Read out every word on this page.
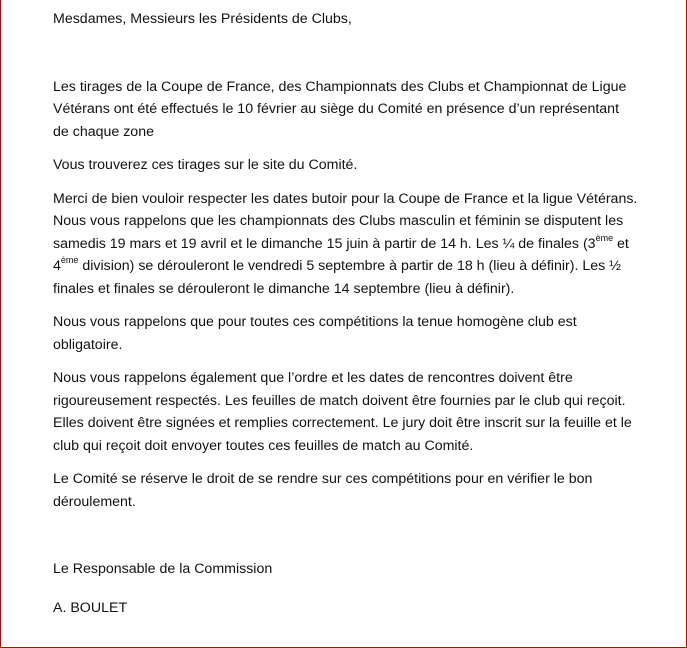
Mesdames, Messieurs les Présidents de Clubs,

Les tirages de la Coupe de France, des Championnats des Clubs et Championnat de Ligue
Vétérans ont été effectués le 10 février au siège du Comité en présence d’un représentant
de chaque zone

Vous trouverez ces tirages sur le site du Comité.

Merci de bien vouloir respecter les dates butoir pour la Coupe de France et la ligue Vétérans.
Nous vous rappelons que les championnats des Clubs masculin et féminin se disputent les
samedis 19 mars et 19 avril et le dimanche 15 juin à partir de 14 h. Les ¼ de finales (3ème et
4ème division) se dérouleront le vendredi 5 septembre à partir de 18 h (lieu à définir). Les ½
finales et finales se dérouleront le dimanche 14 septembre (lieu à définir).

Nous vous rappelons que pour toutes ces compétitions la tenue homogène club est
obligatoire.

Nous vous rappelons également que l’ordre et les dates de rencontres doivent être
rigoureusement respectés. Les feuilles de match doivent être fournies par le club qui reçoit.
Elles doivent être signées et remplies correctement. Le jury doit être inscrit sur la feuille et le
club qui reçoit doit envoyer toutes ces feuilles de match au Comité.

Le Comité se réserve le droit de se rendre sur ces compétitions pour en vérifier le bon
déroulement.

Le Responsable de la Commission

A. BOULET
